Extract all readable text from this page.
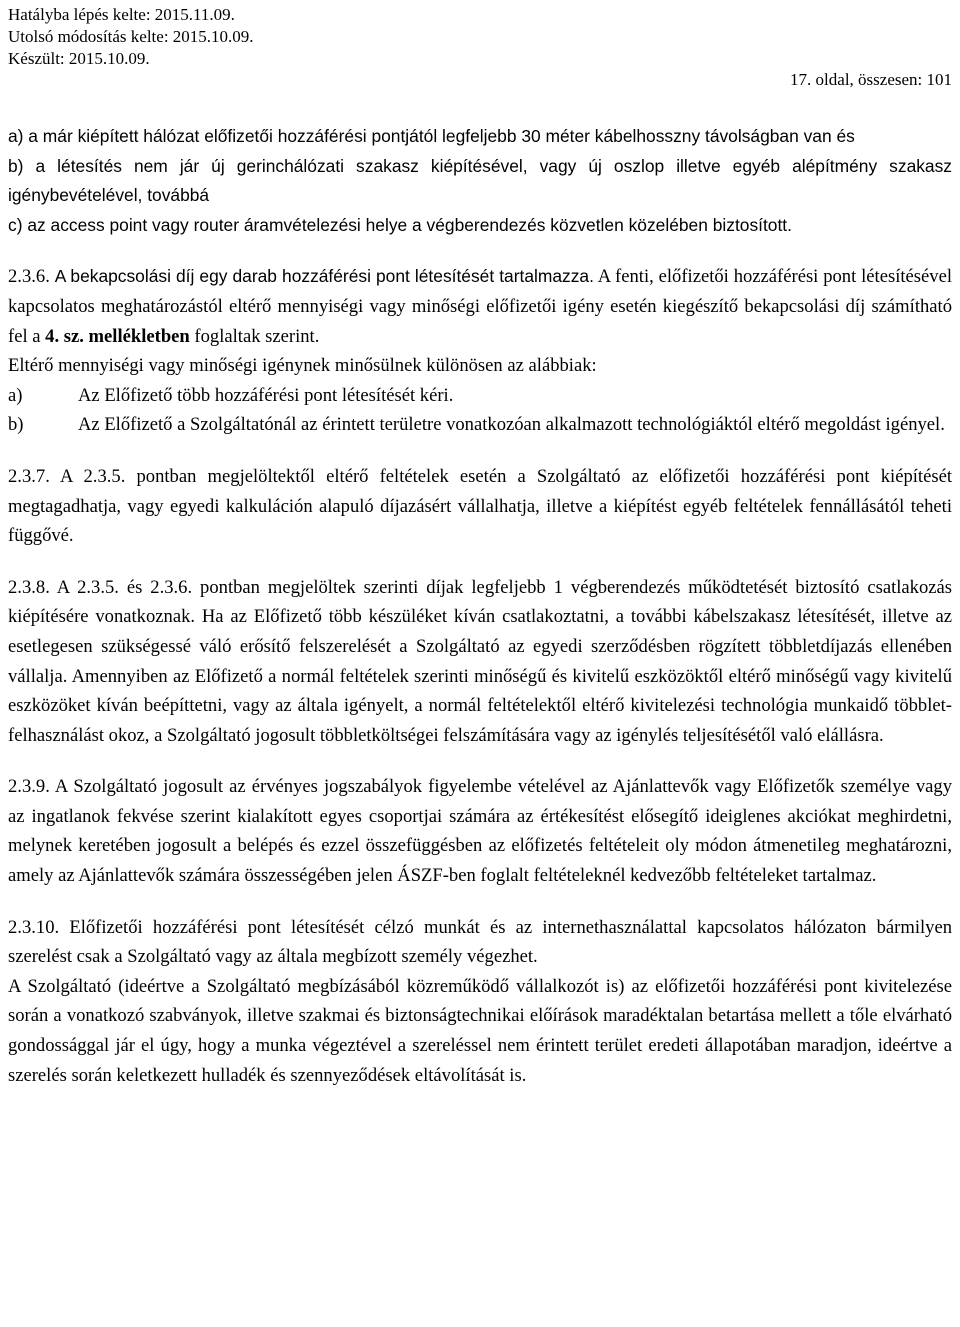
Hatályba lépés kelte: 2015.11.09.
Utolsó módosítás kelte: 2015.10.09.
Készült: 2015.10.09.
17. oldal, összesen: 101

a) a már kiépített hálózat előfizetői hozzáférési pontjától legfeljebb 30 méter kábelhosszny távolságban van és

b) a létesítés nem jár új gerinchálózati szakasz kiépítésével, vagy új oszlop illetve egyéb alépítmény szakasz igénybevételével, továbbá

c) az access point vagy router áramvételezési helye a végberendezés közvetlen közelében biztosított.

2.3.6. A bekapcsolási díj egy darab hozzáférési pont létesítését tartalmazza. A fenti, előfizetői hozzáférési pont létesítésével kapcsolatos meghatározástól eltérő mennyiségi vagy minőségi előfizetői igény esetén kiegészítő bekapcsolási díj számítható fel a 4. sz. mellékletben foglaltak szerint.

Eltérő mennyiségi vagy minőségi igénynek minősülnek különösen az alábbiak:

a)	Az Előfizető több hozzáférési pont létesítését kéri.
b)	Az Előfizető a Szolgáltatónál az érintett területre vonatkozóan alkalmazott technológiáktól eltérő megoldást igényel.

2.3.7. A 2.3.5. pontban megjelöltektől eltérő feltételek esetén a Szolgáltató az előfizetői hozzáférési pont kiépítését megtagadhatja, vagy egyedi kalkuláción alapuló díjazásért vállalhatja, illetve a kiépítést egyéb feltételek fennállásától teheti függővé.

2.3.8. A 2.3.5. és 2.3.6. pontban megjelöltek szerinti díjak legfeljebb 1 végberendezés működtetését biztosító csatlakozás kiépítésére vonatkoznak. Ha az Előfizető több készüléket kíván csatlakoztatni, a további kábelszakasz létesítését, illetve az esetlegesen szükségessé váló erősítő felszerelését a Szolgáltató az egyedi szerződésben rögzített többletdíjazás ellenében vállalja. Amennyiben az Előfizető a normál feltételek szerinti minőségű és kivitelű eszközöktől eltérő minőségű vagy kivitelű eszközöket kíván beépíttetni, vagy az általa igényelt, a normál feltételektől eltérő kivitelezési technológia munkaidő többlet-felhasználást okoz, a Szolgáltató jogosult többletköltségei felszámítására vagy az igénylés teljesítésétől való elállásra.

2.3.9. A Szolgáltató jogosult az érvényes jogszabályok figyelembe vételével az Ajánlattevők vagy Előfizetők személye vagy az ingatlanok fekvése szerint kialakított egyes csoportjai számára az értékesítést elősegítő ideiglenes akciókat meghirdetni, melynek keretében jogosult a belépés és ezzel összefüggésben az előfizetés feltételeit oly módon átmenetileg meghatározni, amely az Ajánlattevők számára összességében jelen ÁSZF-ben foglalt feltételeknél kedvezőbb feltételeket tartalmaz.

2.3.10. Előfizetői hozzáférési pont létesítését célzó munkát és az internethasználattal kapcsolatos hálózaton bármilyen szerelést csak a Szolgáltató vagy az általa megbízott személy végezhet.

A Szolgáltató (ideértve a Szolgáltató megbízásából közreműködő vállalkozót is) az előfizetői hozzáférési pont kivitelezése során a vonatkozó szabványok, illetve szakmai és biztonságtechnikai előírások maradéktalan betartása mellett a tőle elvárható gondossággal jár el úgy, hogy a munka végeztével a szereléssel nem érintett terület eredeti állapotában maradjon, ideértve a szerelés során keletkezett hulladék és szennyeződések eltávolítását is.
